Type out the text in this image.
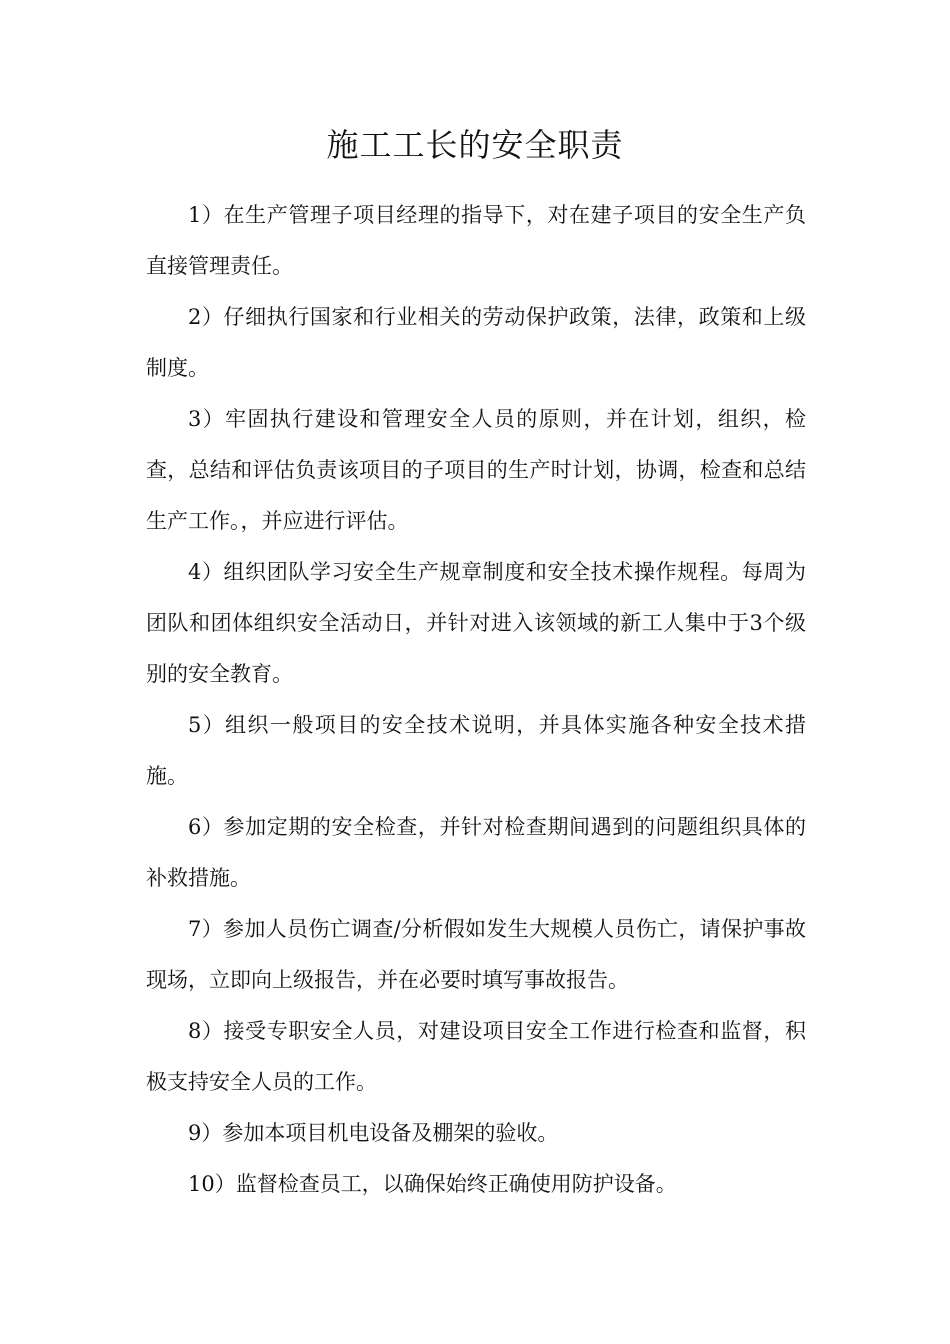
施工工长的安全职责

1）在生产管理子项目经理的指导下，对在建子项目的安全生产负直接管理责任。

2）仔细执行国家和行业相关的劳动保护政策，法律，政策和上级制度。

3）牢固执行建设和管理安全人员的原则，并在计划，组织，检查，总结和评估负责该项目的子项目的生产时计划，协调，检查和总结生产工作。，并应进行评估。

4）组织团队学习安全生产规章制度和安全技术操作规程。每周为团队和团体组织安全活动日，并针对进入该领域的新工人集中于3个级别的安全教育。

5）组织一般项目的安全技术说明，并具体实施各种安全技术措施。

6）参加定期的安全检查，并针对检查期间遇到的问题组织具体的补救措施。

7）参加人员伤亡调查/分析假如发生大规模人员伤亡，请保护事故现场，立即向上级报告，并在必要时填写事故报告。

8）接受专职安全人员，对建设项目安全工作进行检查和监督，积极支持安全人员的工作。

9）参加本项目机电设备及棚架的验收。

10）监督检查员工，以确保始终正确使用防护设备。
